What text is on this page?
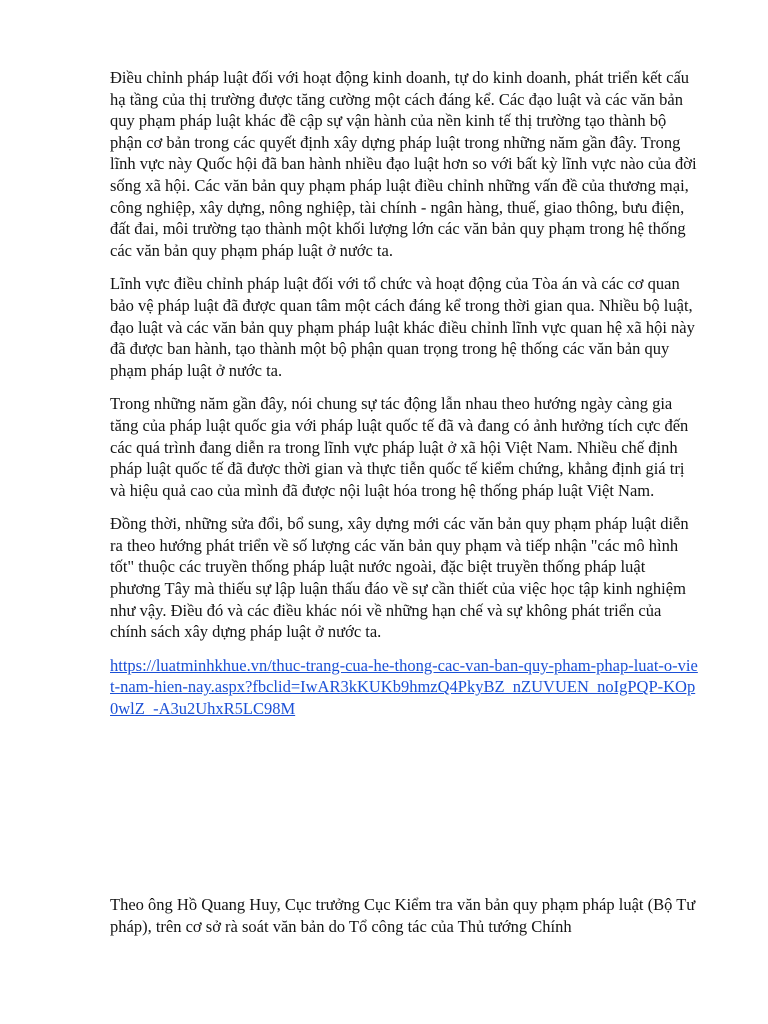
Điều chỉnh pháp luật đối với hoạt động kinh doanh, tự do kinh doanh, phát triển kết cấu hạ tầng của thị trường được tăng cường một cách đáng kể. Các đạo luật và các văn bản quy phạm pháp luật khác đề cập sự vận hành của nền kinh tế thị trường tạo thành bộ phận cơ bản trong các quyết định xây dựng pháp luật trong những năm gần đây. Trong lĩnh vực này Quốc hội đã ban hành nhiều đạo luật hơn so với bất kỳ lĩnh vực nào của đời sống xã hội. Các văn bản quy phạm pháp luật điều chỉnh những vấn đề của thương mại, công nghiệp, xây dựng, nông nghiệp, tài chính - ngân hàng, thuế, giao thông, bưu điện, đất đai, môi trường tạo thành một khối lượng lớn các văn bản quy phạm trong hệ thống các văn bản quy phạm pháp luật ở nước ta.

Lĩnh vực điều chỉnh pháp luật đối với tổ chức và hoạt động của Tòa án và các cơ quan bảo vệ pháp luật đã được quan tâm một cách đáng kể trong thời gian qua. Nhiều bộ luật, đạo luật và các văn bản quy phạm pháp luật khác điều chỉnh lĩnh vực quan hệ xã hội này đã được ban hành, tạo thành một bộ phận quan trọng trong hệ thống các văn bản quy phạm pháp luật ở nước ta.

Trong những năm gần đây, nói chung sự tác động lẫn nhau theo hướng ngày càng gia tăng của pháp luật quốc gia với pháp luật quốc tế đã và đang có ảnh hưởng tích cực đến các quá trình đang diễn ra trong lĩnh vực pháp luật ở xã hội Việt Nam. Nhiều chế định pháp luật quốc tế đã được thời gian và thực tiễn quốc tế kiểm chứng, khẳng định giá trị và hiệu quả cao của mình đã được nội luật hóa trong hệ thống pháp luật Việt Nam.

Đồng thời, những sửa đổi, bổ sung, xây dựng mới các văn bản quy phạm pháp luật diễn ra theo hướng phát triển về số lượng các văn bản quy phạm và tiếp nhận "các mô hình tốt" thuộc các truyền thống pháp luật nước ngoài, đặc biệt truyền thống pháp luật phương Tây mà thiếu sự lập luận thấu đáo về sự cần thiết của việc học tập kinh nghiệm như vậy. Điều đó và các điều khác nói về những hạn chế và sự không phát triển của chính sách xây dựng pháp luật ở nước ta.

https://luatminhkhue.vn/thuc-trang-cua-he-thong-cac-van-ban-quy-pham-phap-luat-o-viet-nam-hien-nay.aspx?fbclid=IwAR3kKUKb9hmzQ4PkyBZ_nZUVUEN_noIgPQP-KOp0wlZ_-A3u2UhxR5LC98M

Theo ông Hồ Quang Huy, Cục trưởng Cục Kiểm tra văn bản quy phạm pháp luật (Bộ Tư pháp), trên cơ sở rà soát văn bản do Tổ công tác của Thủ tướng Chính
